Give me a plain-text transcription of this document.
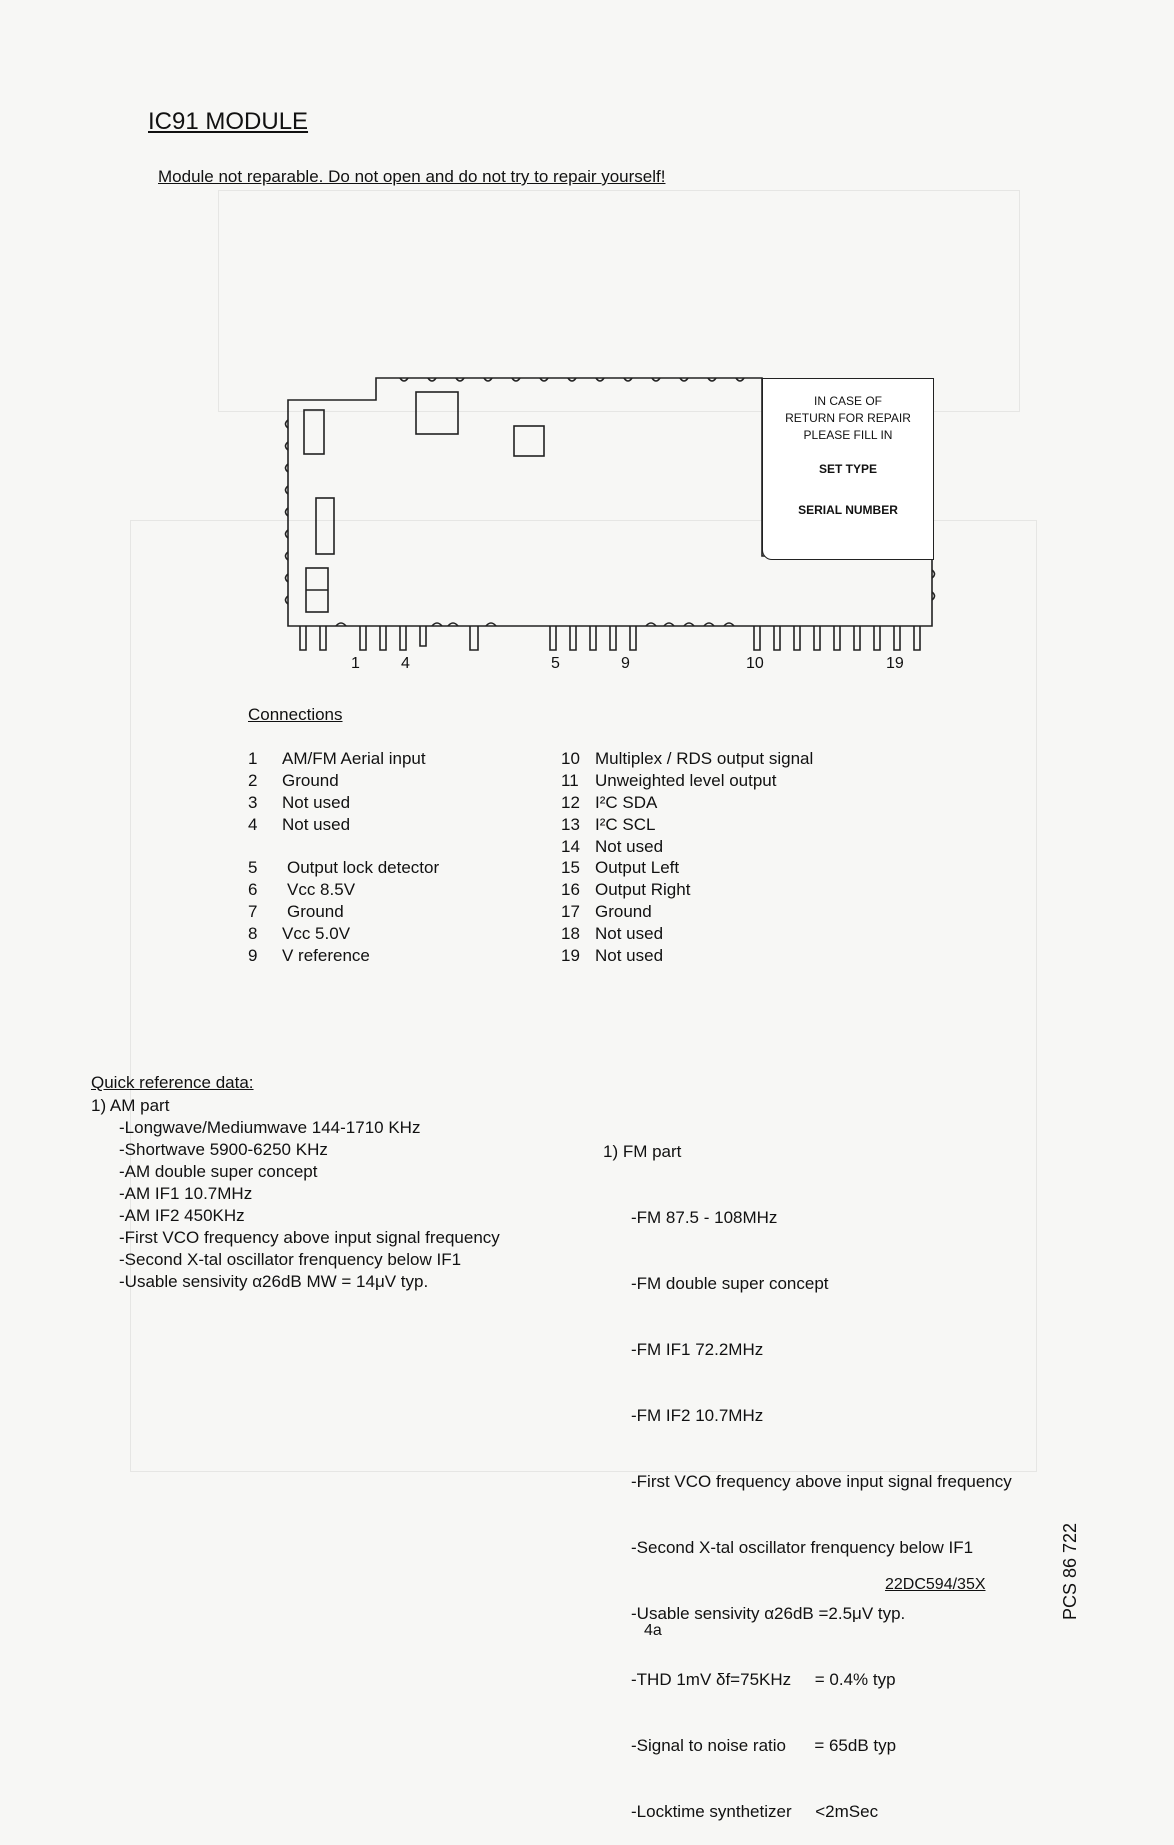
IC91 MODULE
Module not reparable. Do not open and do not try to repair yourself!
IN CASE OF
RETURN FOR REPAIR
PLEASE FILL IN
SET TYPE
SERIAL NUMBER
1	4	5	9	10	19
Connections
1 AM/FM Aerial input
2 Ground
3 Not used
4 Not used
5 Output lock detector
6 Vcc 8.5V
7 Ground
8 Vcc 5.0V
9 V reference
10 Multiplex / RDS output signal
11 Unweighted level output
12 I²C SDA
13 I²C SCL
14 Not used
15 Output Left
16 Output Right
17 Ground
18 Not used
19 Not used
Quick reference data:
1) AM part
-Longwave/Mediumwave 144-1710 KHz
-Shortwave 5900-6250 KHz
-AM double super concept
-AM IF1 10.7MHz
-AM IF2 450KHz
-First VCO frequency above input signal frequency
-Second X-tal oscillator frenquency below IF1
-Usable sensivity α26dB MW = 14μV typ.

1) FM part

-FM 87.5 - 108MHz

-FM double super concept

-FM IF1 72.2MHz

-FM IF2 10.7MHz

-First VCO frequency above input signal frequency

-Second X-tal oscillator frenquency below IF1

-Usable sensivity α26dB =2.5μV typ.

-THD 1mV δf=75KHz     = 0.4% typ

-Signal to noise ratio      = 65dB typ

-Locktime synthetizer     <2mSec

22DC594/35X
4a
PCS 86 722
